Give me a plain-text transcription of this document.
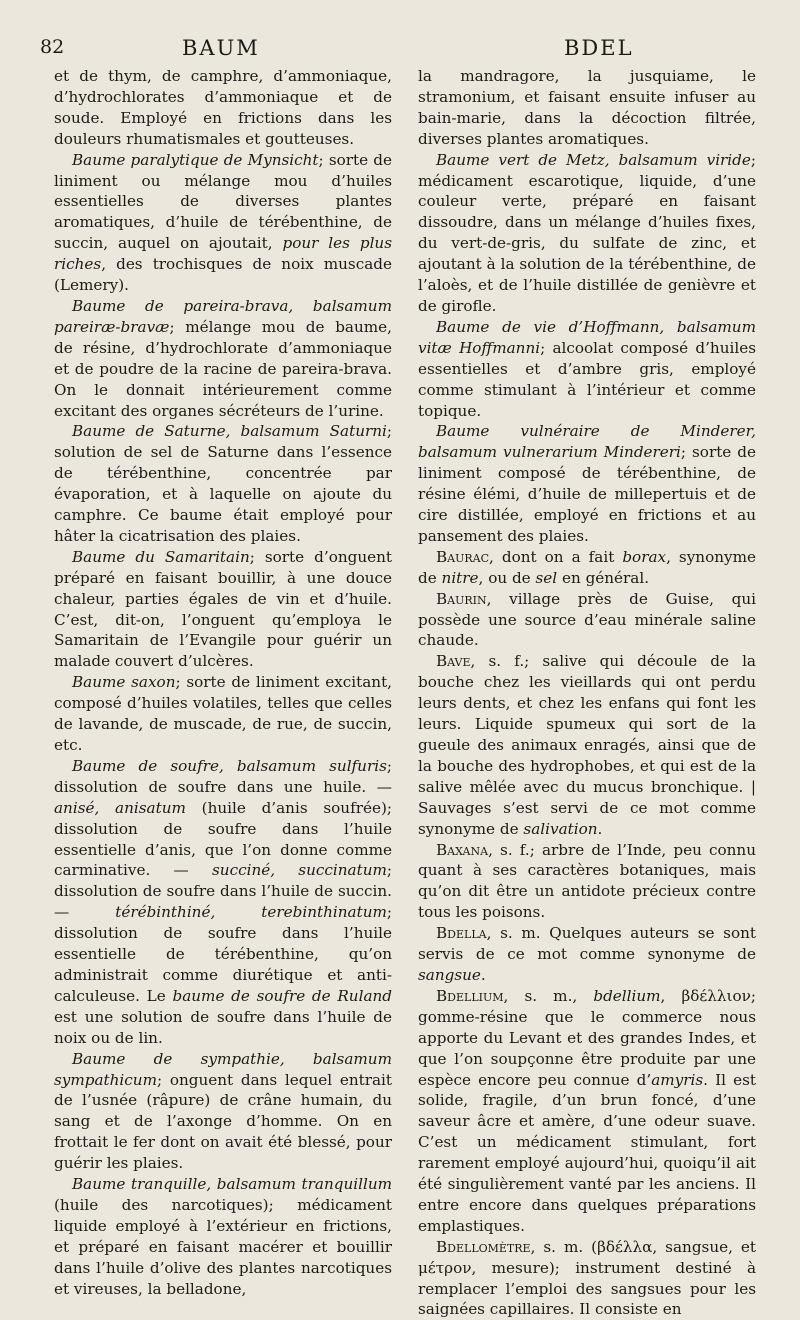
82	BAUM	BDEL

et de thym, de camphre, d’ammoniaque, d’hydrochlorates d’ammoniaque et de soude. Employé en frictions dans les douleurs rhumatismales et goutteuses.

Baume paralytique de Mynsicht; sorte de liniment ou mélange mou d’huiles essentielles de diverses plantes aromatiques, d’huile de térébenthine, de succin, auquel on ajoutait, pour les plus riches, des trochisques de noix muscade (Lemery).

Baume de pareira-brava, balsamum pareiræ-bravæ; mélange mou de baume, de résine, d’hydrochlorate d’ammoniaque et de poudre de la racine de pareira-brava. On le donnait intérieurement comme excitant des organes sécréteurs de l’urine.

Baume de Saturne, balsamum Saturni; solution de sel de Saturne dans l’essence de térébenthine, concentrée par évaporation, et à laquelle on ajoute du camphre. Ce baume était employé pour hâter la cicatrisation des plaies.

Baume du Samaritain; sorte d’onguent préparé en faisant bouillir, à une douce chaleur, parties égales de vin et d’huile. C’est, dit-on, l’onguent qu’employa le Samaritain de l’Evangile pour guérir un malade couvert d’ulcères.

Baume saxon; sorte de liniment excitant, composé d’huiles volatiles, telles que celles de lavande, de muscade, de rue, de succin, etc.

Baume de soufre, balsamum sulfuris; dissolution de soufre dans une huile. — anisé, anisatum (huile d’anis soufrée); dissolution de soufre dans l’huile essentielle d’anis, que l’on donne comme carminative. — succiné, succinatum; dissolution de soufre dans l’huile de succin. — térébinthiné, terebinthinatum; dissolution de soufre dans l’huile essentielle de térébenthine, qu’on administrait comme diurétique et anti-calculeuse. Le baume de soufre de Ruland est une solution de soufre dans l’huile de noix ou de lin.

Baume de sympathie, balsamum sympathicum; onguent dans lequel entrait de l’usnée (râpure) de crâne humain, du sang et de l’axonge d’homme. On en frottait le fer dont on avait été blessé, pour guérir les plaies.

Baume tranquille, balsamum tranquillum (huile des narcotiques); médicament liquide employé à l’extérieur en frictions, et préparé en faisant macérer et bouillir dans l’huile d’olive des plantes narcotiques et vireuses, la belladone,

la mandragore, la jusquiame, le stramonium, et faisant ensuite infuser au bain-marie, dans la décoction filtrée, diverses plantes aromatiques.

Baume vert de Metz, balsamum viride; médicament escarotique, liquide, d’une couleur verte, préparé en faisant dissoudre, dans un mélange d’huiles fixes, du vert-de-gris, du sulfate de zinc, et ajoutant à la solution de la térébenthine, de l’aloès, et de l’huile distillée de genièvre et de girofle.

Baume de vie d’Hoffmann, balsamum vitæ Hoffmanni; alcoolat composé d’huiles essentielles et d’ambre gris, employé comme stimulant à l’intérieur et comme topique.

Baume vulnéraire de Minderer, balsamum vulnerarium Mindereri; sorte de liniment composé de térébenthine, de résine élémi, d’huile de millepertuis et de cire distillée, employé en frictions et au pansement des plaies.

Baurac, dont on a fait borax, synonyme de nitre, ou de sel en général.

Baurin, village près de Guise, qui possède une source d’eau minérale saline chaude.

Bave, s. f.; salive qui découle de la bouche chez les vieillards qui ont perdu leurs dents, et chez les enfans qui font les leurs. Liquide spumeux qui sort de la gueule des animaux enragés, ainsi que de la bouche des hydrophobes, et qui est de la salive mêlée avec du mucus bronchique. | Sauvages s’est servi de ce mot comme synonyme de salivation.

Baxana, s. f.; arbre de l’Inde, peu connu quant à ses caractères botaniques, mais qu’on dit être un antidote précieux contre tous les poisons.

Bdella, s. m. Quelques auteurs se sont servis de ce mot comme synonyme de sangsue.

Bdellium, s. m., bdellium, βδέλλιον; gomme-résine que le commerce nous apporte du Levant et des grandes Indes, et que l’on soupçonne être produite par une espèce encore peu connue d’amyris. Il est solide, fragile, d’un brun foncé, d’une saveur âcre et amère, d’une odeur suave. C’est un médicament stimulant, fort rarement employé aujourd’hui, quoiqu’il ait été singulièrement vanté par les anciens. Il entre encore dans quelques préparations emplastiques.

Bdellomètre, s. m. (βδέλλα, sangsue, et μέτρον, mesure); instrument destiné à remplacer l’emploi des sangsues pour les saignées capillaires. Il consiste en
